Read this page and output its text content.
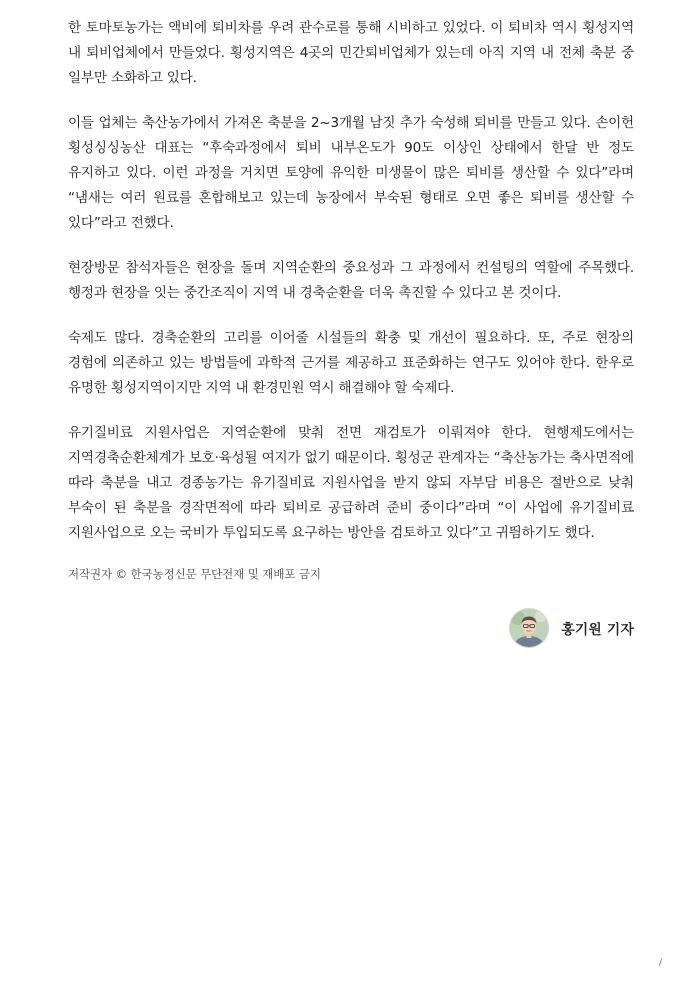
한 토마토농가는 액비에 퇴비차를 우려 관수로를 통해 시비하고 있었다. 이 퇴비차 역시 횡성지역 내 퇴비업체에서 만들었다. 횡성지역은 4곳의 민간퇴비업체가 있는데 아직 지역 내 전체 축분 중 일부만 소화하고 있다.

이들 업체는 축산농가에서 가져온 축분을 2~3개월 남짓 추가 숙성해 퇴비를 만들고 있다. 손이헌 횡성싱싱농산 대표는 “후숙과정에서 퇴비 내부온도가 90도 이상인 상태에서 한달 반 정도 유지하고 있다. 이런 과정을 거치면 토양에 유익한 미생물이 많은 퇴비를 생산할 수 있다”라며 “냄새는 여러 원료를 혼합해보고 있는데 농장에서 부숙된 형태로 오면 좋은 퇴비를 생산할 수 있다”라고 전했다.

현장방문 참석자들은 현장을 돌며 지역순환의 중요성과 그 과정에서 컨설팅의 역할에 주목했다. 행정과 현장을 잇는 중간조직이 지역 내 경축순환을 더욱 촉진할 수 있다고 본 것이다.

숙제도 많다. 경축순환의 고리를 이어줄 시설들의 확충 및 개선이 필요하다. 또, 주로 현장의 경험에 의존하고 있는 방법들에 과학적 근거를 제공하고 표준화하는 연구도 있어야 한다. 한우로 유명한 횡성지역이지만 지역 내 환경민원 역시 해결해야 할 숙제다.

유기질비료 지원사업은 지역순환에 맞춰 전면 재검토가 이뤄져야 한다. 현행제도에서는 지역경축순환체계가 보호·육성될 여지가 없기 때문이다. 횡성군 관계자는 “축산농가는 축사면적에 따라 축분을 내고 경종농가는 유기질비료 지원사업을 받지 않되 자부담 비용은 절반으로 낮춰 부숙이 된 축분을 경작면적에 따라 퇴비로 공급하려 준비 중이다”라며 “이 사업에 유기질비료 지원사업으로 오는 국비가 투입되도록 요구하는 방안을 검토하고 있다”고 귀띔하기도 했다.

저작권자 © 한국농정신문 무단전재 및 재배포 금지
홍기원 기자
/
